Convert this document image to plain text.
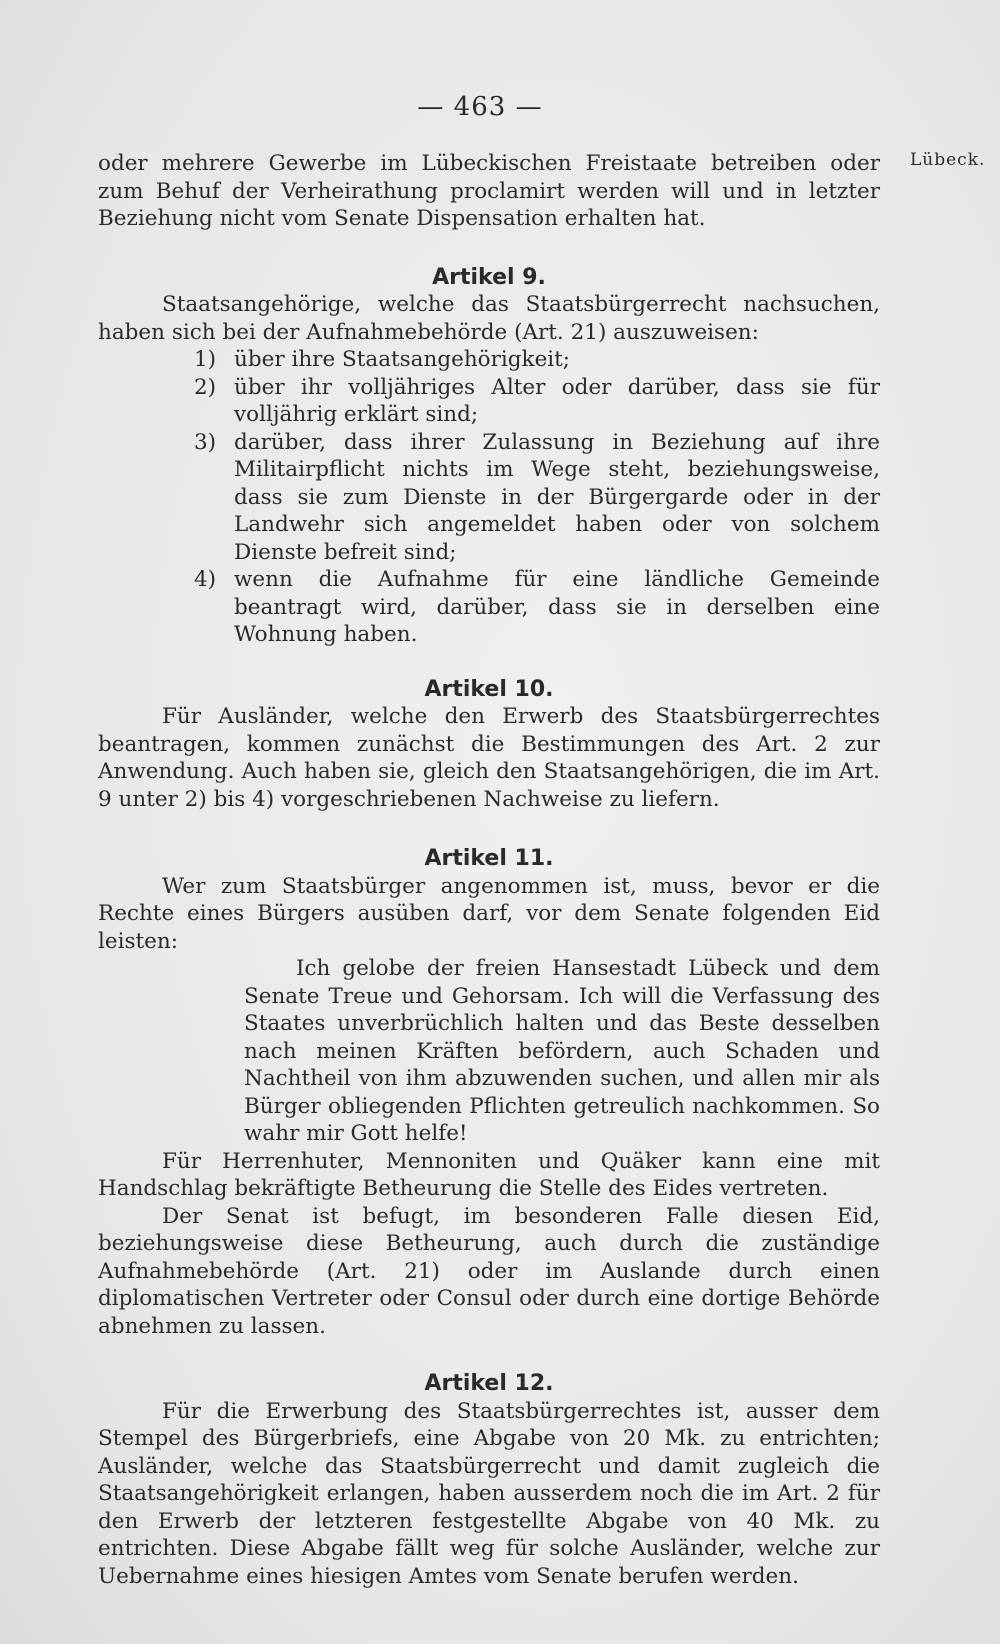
— 463 —
Lübeck.

oder mehrere Gewerbe im Lübeckischen Freistaate betreiben oder zum Behuf der Verheirathung proclamirt werden will und in letzter Beziehung nicht vom Senate Dispensation erhalten hat.

Artikel 9.

Staatsangehörige, welche das Staatsbürgerrecht nachsuchen, haben sich bei der Aufnahmebehörde (Art. 21) auszuweisen:

1) über ihre Staatsangehörigkeit;
2) über ihr volljähriges Alter oder darüber, dass sie für volljährig erklärt sind;
3) darüber, dass ihrer Zulassung in Beziehung auf ihre Militairpflicht nichts im Wege steht, beziehungsweise, dass sie zum Dienste in der Bürgergarde oder in der Landwehr sich angemeldet haben oder von solchem Dienste befreit sind;
4) wenn die Aufnahme für eine ländliche Gemeinde beantragt wird, darüber, dass sie in derselben eine Wohnung haben.
Artikel 10.

Für Ausländer, welche den Erwerb des Staatsbürgerrechtes beantragen, kommen zunächst die Bestimmungen des Art. 2 zur Anwendung. Auch haben sie, gleich den Staatsangehörigen, die im Art. 9 unter 2) bis 4) vorgeschriebenen Nachweise zu liefern.

Artikel 11.

Wer zum Staatsbürger angenommen ist, muss, bevor er die Rechte eines Bürgers ausüben darf, vor dem Senate folgenden Eid leisten:

Ich gelobe der freien Hansestadt Lübeck und dem Senate Treue und Gehorsam. Ich will die Verfassung des Staates unverbrüchlich halten und das Beste desselben nach meinen Kräften befördern, auch Schaden und Nachtheil von ihm abzuwenden suchen, und allen mir als Bürger obliegenden Pflichten getreulich nachkommen. So wahr mir Gott helfe!

Für Herrenhuter, Mennoniten und Quäker kann eine mit Handschlag bekräftigte Betheurung die Stelle des Eides vertreten.

Der Senat ist befugt, im besonderen Falle diesen Eid, beziehungsweise diese Betheurung, auch durch die zuständige Aufnahmebehörde (Art. 21) oder im Auslande durch einen diplomatischen Vertreter oder Consul oder durch eine dortige Behörde abnehmen zu lassen.

Artikel 12.

Für die Erwerbung des Staatsbürgerrechtes ist, ausser dem Stempel des Bürgerbriefs, eine Abgabe von 20 Mk. zu entrichten; Ausländer, welche das Staatsbürgerrecht und damit zugleich die Staatsangehörigkeit erlangen, haben ausserdem noch die im Art. 2 für den Erwerb der letzteren festgestellte Abgabe von 40 Mk. zu entrichten. Diese Abgabe fällt weg für solche Ausländer, welche zur Uebernahme eines hiesigen Amtes vom Senate berufen werden.
